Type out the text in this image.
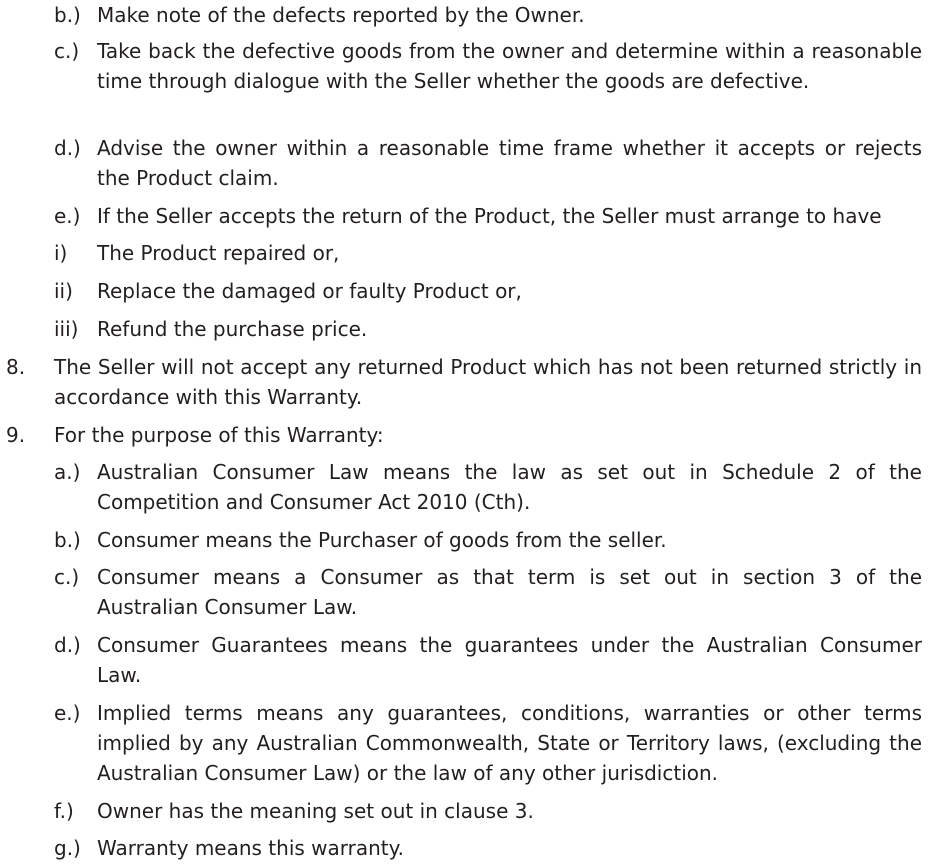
b.) Make note of the defects reported by the Owner.
c.) Take back the defective goods from the owner and determine within a reasonable time through dialogue with the Seller whether the goods are defective.
d.) Advise the owner within a reasonable time frame whether it accepts or rejects the Product claim.
e.) If the Seller accepts the return of the Product, the Seller must arrange to have
i) The Product repaired or,
ii) Replace the damaged or faulty Product or,
iii) Refund the purchase price.
8. The Seller will not accept any returned Product which has not been returned strictly in accordance with this Warranty.
9. For the purpose of this Warranty:
a.) Australian Consumer Law means the law as set out in Schedule 2 of the Competition and Consumer Act 2010 (Cth).
b.) Consumer means the Purchaser of goods from the seller.
c.) Consumer means a Consumer as that term is set out in section 3 of the Australian Consumer Law.
d.) Consumer Guarantees means the guarantees under the Australian Consumer Law.
e.) Implied terms means any guarantees, conditions, warranties or other terms implied by any Australian Commonwealth, State or Territory laws, (excluding the Australian Consumer Law) or the law of any other jurisdiction.
f.) Owner has the meaning set out in clause 3.
g.) Warranty means this warranty.
